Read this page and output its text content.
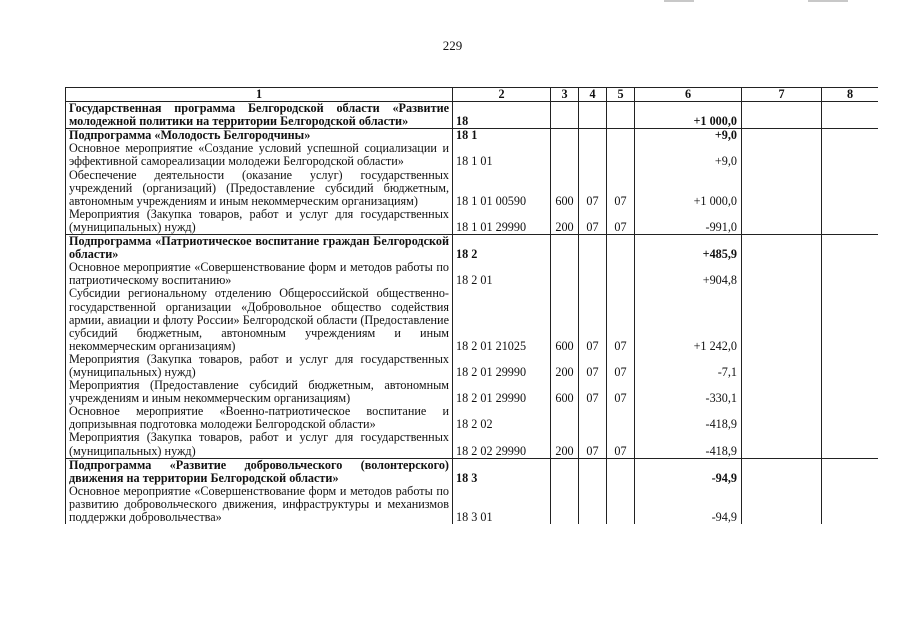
229
1	2	3	4	5	6	7	8
Государственная программа Белгородской области «Развитие молодежной политики на территории Белгородской области»	18				+1 000,0		
Подпрограмма «Молодость Белгородчины»	18 1				+9,0		
Основное мероприятие «Создание условий успешной социализации и эффективной самореализации молодежи Белгородской области»	18 1 01				+9,0		
Обеспечение деятельности (оказание услуг) государственных учреждений (организаций) (Предоставление субсидий бюджетным, автономным учреждениям и иным некоммерческим организациям)	18 1 01 00590	600	07	07	+1 000,0		
Мероприятия (Закупка товаров, работ и услуг для государственных (муниципальных) нужд)	18 1 01 29990	200	07	07	-991,0		
Подпрограмма «Патриотическое воспитание граждан Белгородской области»	18 2				+485,9		
Основное мероприятие «Совершенствование форм и методов работы по патриотическому воспитанию»	18 2 01				+904,8		
Субсидии региональному отделению Общероссийской общественно-государственной организации «Добровольное общество содействия армии, авиации и флоту России» Белгородской области (Предоставление субсидий бюджетным, автономным учреждениям и иным некоммерческим организациям)	18 2 01 21025	600	07	07	+1 242,0		
Мероприятия (Закупка товаров, работ и услуг для государственных (муниципальных) нужд)	18 2 01 29990	200	07	07	-7,1		
Мероприятия (Предоставление субсидий бюджетным, автономным учреждениям и иным некоммерческим организациям)	18 2 01 29990	600	07	07	-330,1		
Основное мероприятие «Военно-патриотическое воспитание и допризывная подготовка молодежи Белгородской области»	18 2 02				-418,9		
Мероприятия (Закупка товаров, работ и услуг для государственных (муниципальных) нужд)	18 2 02 29990	200	07	07	-418,9		
Подпрограмма «Развитие добровольческого (волонтерского) движения на территории Белгородской области»	18 3				-94,9		
Основное мероприятие «Совершенствование форм и методов работы по развитию добровольческого движения, инфраструктуры и механизмов поддержки добровольчества»	18 3 01				-94,9		
